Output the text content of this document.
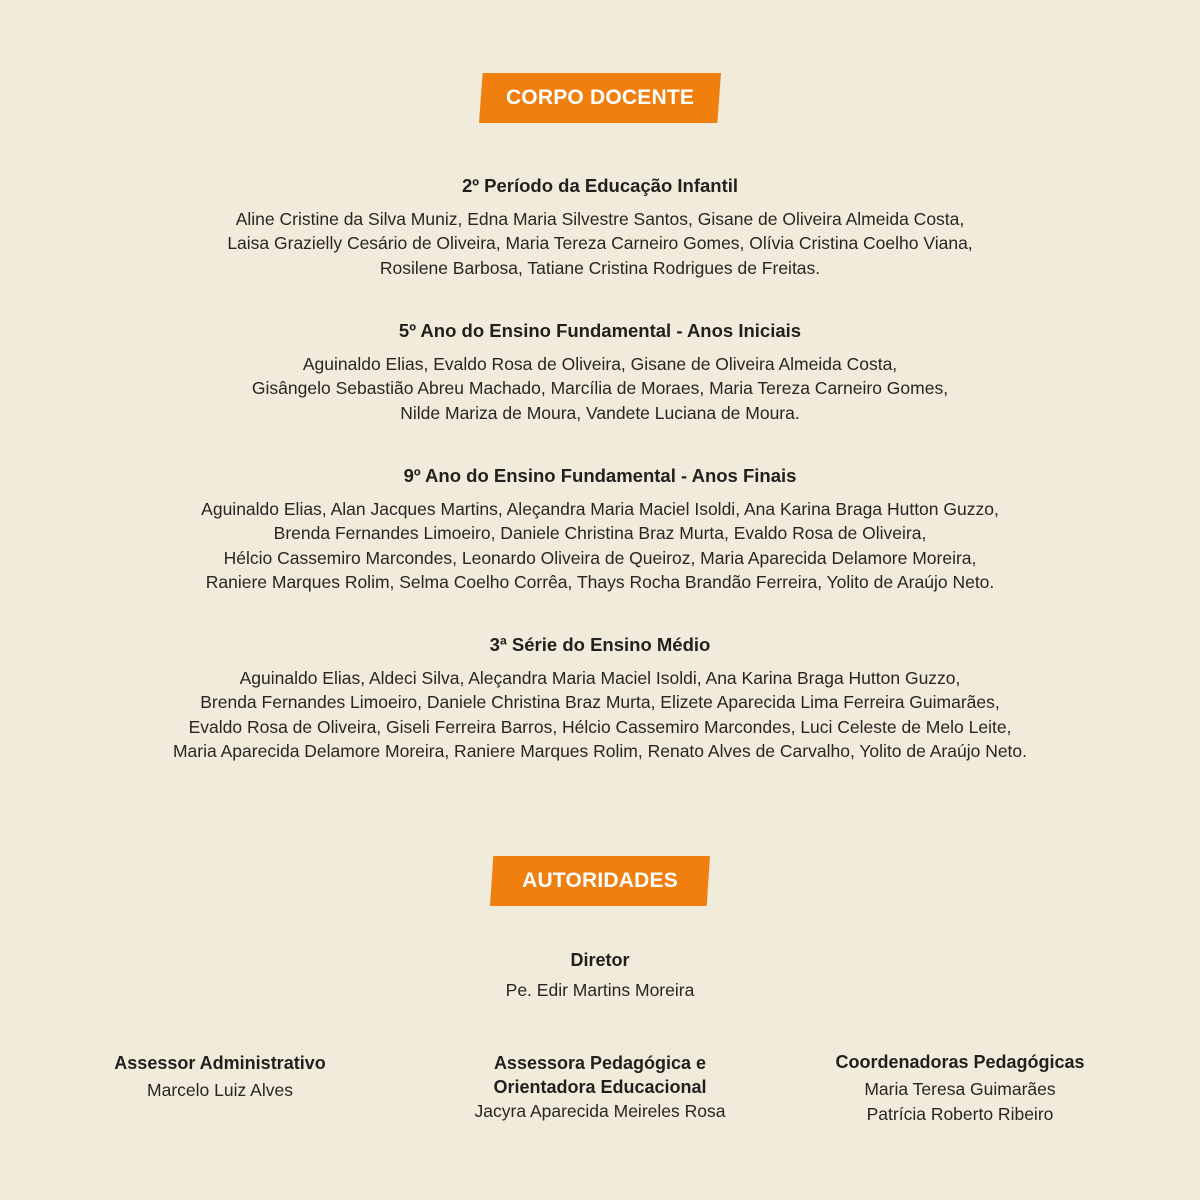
CORPO DOCENTE
2º Período da Educação Infantil
Aline Cristine da Silva Muniz, Edna Maria Silvestre Santos, Gisane de Oliveira Almeida Costa,
Laisa Grazielly Cesário de Oliveira, Maria Tereza Carneiro Gomes, Olívia Cristina Coelho Viana,
Rosilene Barbosa, Tatiane Cristina Rodrigues de Freitas.
5º Ano do Ensino Fundamental - Anos Iniciais
Aguinaldo Elias, Evaldo Rosa de Oliveira, Gisane de Oliveira Almeida Costa,
Gisângelo Sebastião Abreu Machado, Marcília de Moraes, Maria Tereza Carneiro Gomes,
Nilde Mariza de Moura, Vandete Luciana de Moura.
9º Ano do Ensino Fundamental - Anos Finais
Aguinaldo Elias, Alan Jacques Martins, Aleçandra Maria Maciel Isoldi, Ana Karina Braga Hutton Guzzo,
Brenda Fernandes Limoeiro, Daniele Christina Braz Murta, Evaldo Rosa de Oliveira,
Hélcio Cassemiro Marcondes, Leonardo Oliveira de Queiroz, Maria Aparecida Delamore Moreira,
Raniere Marques Rolim, Selma Coelho Corrêa, Thays Rocha Brandão Ferreira, Yolito de Araújo Neto.
3ª Série do Ensino Médio
Aguinaldo Elias, Aldeci Silva, Aleçandra Maria Maciel Isoldi, Ana Karina Braga Hutton Guzzo,
Brenda Fernandes Limoeiro, Daniele Christina Braz Murta, Elizete Aparecida Lima Ferreira Guimarães,
Evaldo Rosa de Oliveira, Giseli Ferreira Barros, Hélcio Cassemiro Marcondes, Luci Celeste de Melo Leite,
Maria Aparecida Delamore Moreira, Raniere Marques Rolim, Renato Alves de Carvalho, Yolito de Araújo Neto.
AUTORIDADES
Diretor
Pe. Edir Martins Moreira
Assessor Administrativo
Marcelo Luiz Alves
Assessora Pedagógica e
Orientadora Educacional
Jacyra Aparecida Meireles Rosa
Coordenadoras Pedagógicas
Maria Teresa Guimarães
Patrícia Roberto Ribeiro
